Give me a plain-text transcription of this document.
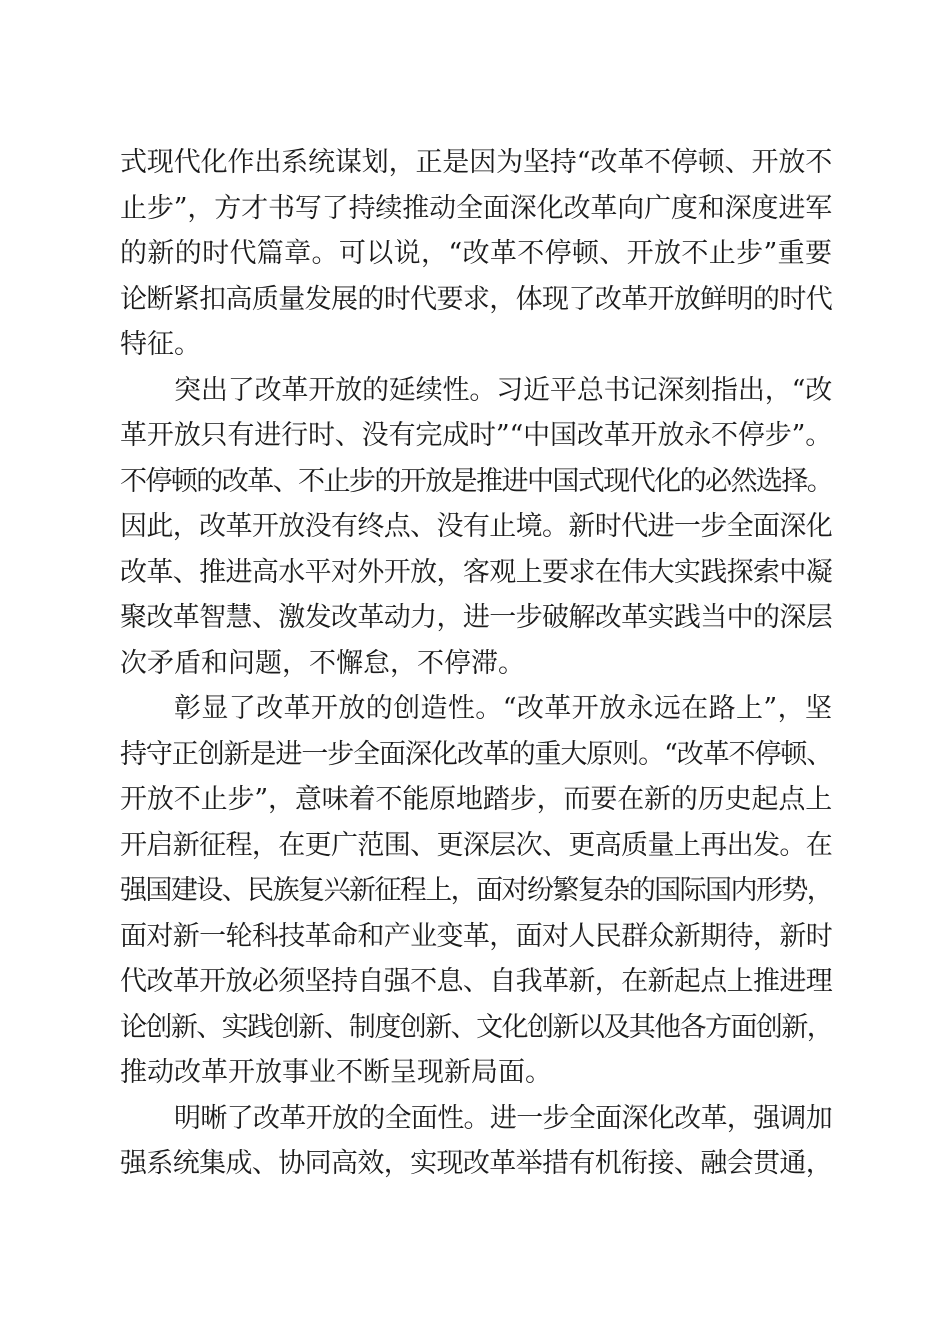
式现代化作出系统谋划，正是因为坚持“改革不停顿、开放不
止步”，方才书写了持续推动全面深化改革向广度和深度进军
的新的时代篇章。可以说，“改革不停顿、开放不止步”重要
论断紧扣高质量发展的时代要求，体现了改革开放鲜明的时代
特征。
突出了改革开放的延续性。习近平总书记深刻指出，“改
革开放只有进行时、没有完成时”“中国改革开放永不停步”。
不停顿的改革、不止步的开放是推进中国式现代化的必然选择。
因此，改革开放没有终点、没有止境。新时代进一步全面深化
改革、推进高水平对外开放，客观上要求在伟大实践探索中凝
聚改革智慧、激发改革动力，进一步破解改革实践当中的深层
次矛盾和问题，不懈怠，不停滞。
彰显了改革开放的创造性。“改革开放永远在路上”，坚
持守正创新是进一步全面深化改革的重大原则。“改革不停顿、
开放不止步”，意味着不能原地踏步，而要在新的历史起点上
开启新征程，在更广范围、更深层次、更高质量上再出发。在
强国建设、民族复兴新征程上，面对纷繁复杂的国际国内形势，
面对新一轮科技革命和产业变革，面对人民群众新期待，新时
代改革开放必须坚持自强不息、自我革新，在新起点上推进理
论创新、实践创新、制度创新、文化创新以及其他各方面创新，
推动改革开放事业不断呈现新局面。
明晰了改革开放的全面性。进一步全面深化改革，强调加
强系统集成、协同高效，实现改革举措有机衔接、融会贯通，
